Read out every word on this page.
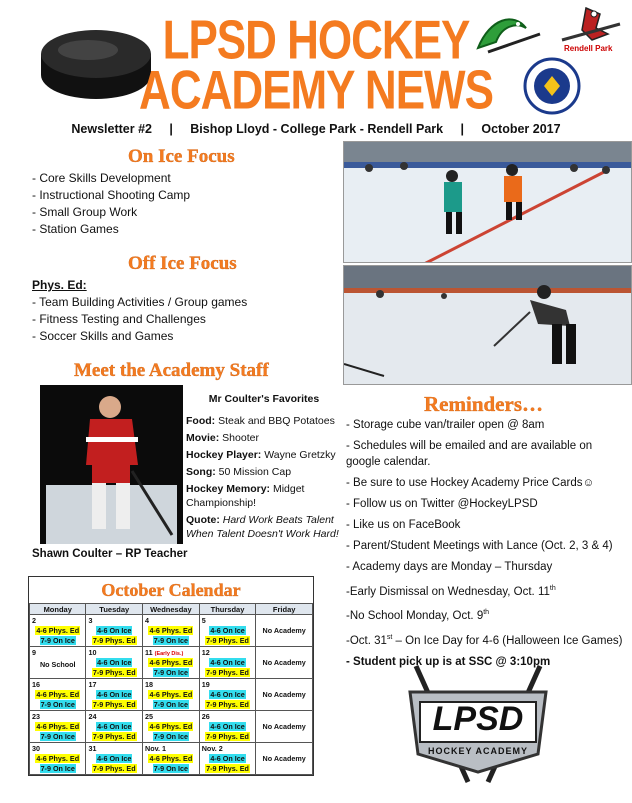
LPSD HOCKEY
ACADEMY NEWS
Rendell Park
Newsletter #2 | Bishop Lloyd - College Park - Rendell Park | October 2017
On Ice Focus
- Core Skills Development
- Instructional Shooting Camp
- Small Group Work
- Station Games
Off Ice Focus
Phys. Ed:
- Team Building Activities / Group games
- Fitness Testing and Challenges
- Soccer Skills and Games
Meet the Academy Staff
Shawn Coulter – RP Teacher
Mr Coulter's Favorites
Food: Steak and BBQ Potatoes
Movie: Shooter
Hockey Player: Wayne Gretzky
Song: 50 Mission Cap
Hockey Memory: Midget Championship!
Quote: Hard Work Beats Talent When Talent Doesn't Work Hard!
Reminders…

- Storage cube van/trailer open @ 8am

- Schedules will be emailed and are available on google calendar.

- Be sure to use Hockey Academy Price Cards☺

- Follow us on Twitter @HockeyLPSD

- Like us on FaceBook

- Parent/Student Meetings with Lance (Oct. 2, 3 & 4)

- Academy days are Monday – Thursday

-Early Dismissal on Wednesday, Oct. 11th

-No School Monday, Oct. 9th

-Oct. 31st – On Ice Day for 4-6 (Halloween Ice Games)

- Student pick up is at SSC @ 3:10pm

LPSD
HOCKEY ACADEMY
October Calendar
Monday	Tuesday	Wednesday	Thursday	Friday

2
4-6 Phys. Ed
7-9 On Ice	3
4-6 On Ice
7-9 Phys. Ed	4
4-6 Phys. Ed
7-9 On Ice	5
4-6 On Ice
7-9 Phys. Ed	No Academy

9
No School	10
4-6 On Ice
7-9 Phys. Ed	11 (Early Dis.)
4-6 Phys. Ed
7-9 On Ice	12
4-6 On Ice
7-9 Phys. Ed	No Academy

16
4-6 Phys. Ed
7-9 On Ice	17
4-6 On Ice
7-9 Phys. Ed	18
4-6 Phys. Ed
7-9 On Ice	19
4-6 On Ice
7-9 Phys. Ed	No Academy

23
4-6 Phys. Ed
7-9 On Ice	24
4-6 On Ice
7-9 Phys. Ed	25
4-6 Phys. Ed
7-9 On Ice	26
4-6 On Ice
7-9 Phys. Ed	No Academy

30
4-6 Phys. Ed
7-9 On Ice	31
4-6 On Ice
7-9 Phys. Ed	Nov. 1
4-6 Phys. Ed
7-9 On Ice	Nov. 2
4-6 On Ice
7-9 Phys. Ed	No Academy
